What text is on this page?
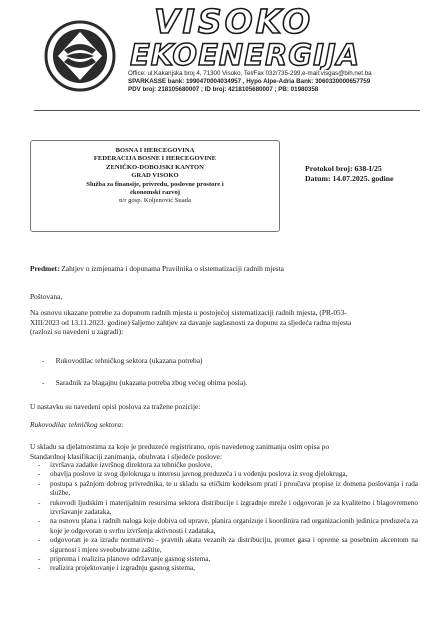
VISOKO
EKOENERGIJA
Office: ul.Kakanjska broj 4, 71300 Visoko, Tel/Fax 032/735-299,e-mail:visgas@bih.net.ba
SPARKASSE bank: 1990470004034957 , Hypo Alpe-Adria Bank: 3060330000657759
PDV broj: 218105680007 ; ID broj: 4218105680007 ; PB: 01980358
BOSNA I HERCEGOVINA
FEDERACIJA BOSNE I HERCEGOVINE
ZENIČKO-DOBOJSKI KANTON
GRAD VISOKO
Služba za finansije, privredu, poslovne prostore i
ekonomski razvoj
n/r gosp. Koljenović Suada
Protokol broj: 638-I/25
Datum: 14.07.2025. godine
Predmet: Zahtjev o izmjenama i dopunama Pravilnika o sistematizaciji radnih mjesta
Poštovana,
Na osnovu ukazane potrebe za dopunom radnih mjesta u postojećoj sistematizaciji radnih mjesta, (PR-053-
XIII/2023 od 13.11.2023. godine) šaljemo zahtjev za davanje saglasnosti za dopunu za sljedeća radna mjesta
(razlozi su navedeni u zagradi):
-      Rukovodilac tehničkog sektora (ukazana potreba)
-      Saradnik za blagajnu (ukazana potreba zbog većeg obima posla).
U nastavku su navedeni opisi poslova za tražene pozicije:
Rukovodilac tehničkog sektora:
U skladu sa djelatnostima za koje je preduzeće registrirano, opis navedenog zanimanja osim opisa po
Standardnoj klasifikaciji zanimanja, obuhvata i sljedeće poslove:
- izvršava zadatke izvršnog direktora za tehničke poslove,
- obavlja poslove iz svog djelokruga u interesu javnog preduzeća i u vođenju poslova iz svog djelokruga,
- postupa s pažnjom dobrog privrednika, te u skladu sa etičkim kodeksom prati i proučava propise iz domena poslovanja i rada službe,
- rukovodi ljudskim i materijalnim resursima sektora distribucije i izgradnje mreže i odgovoran je za kvalitetno i blagovremeno izvršavanje zadataka,
- na osnovu plana i radnih naloga koje dobiva od uprave, planira organizuje i koordinira rad organizacionih jedinica preduzeća za koje je odgovoran u svrhu izvršenja aktivnosti i zadataka,
- odgovoran je za izradu normativno - pravnih akata vezanih za distribuciju, promet gasa i opreme sa posebnim akcentom na sigurnost i mjere sveobuhvatne zaštite,
- priprema i realizira planove održavanje gasnog sistema,
- realizira projektovanje i izgradnju gasnog sistema,
